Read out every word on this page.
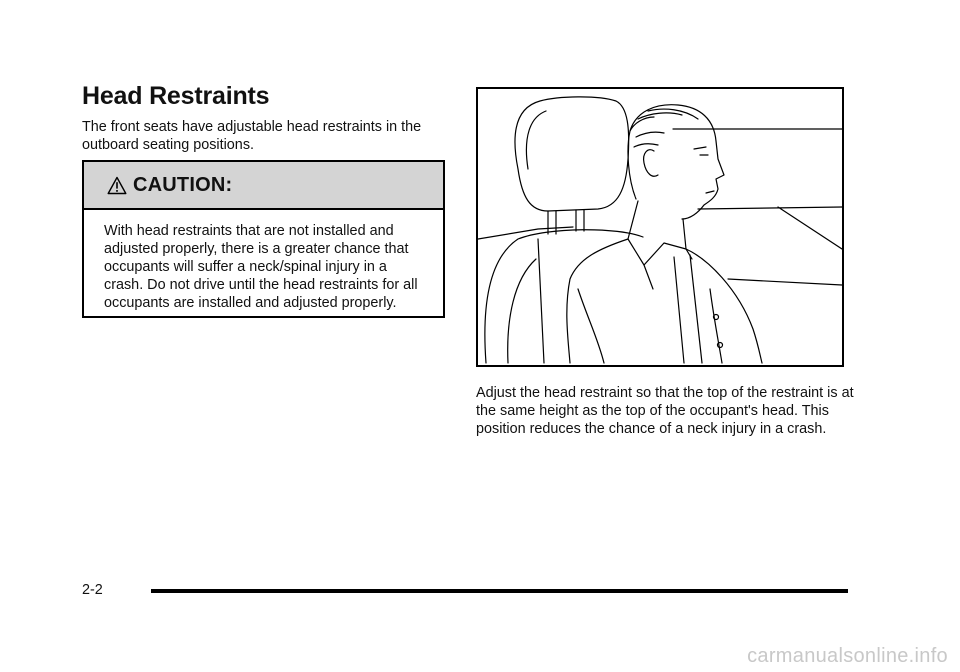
Head Restraints

The front seats have adjustable head restraints in the outboard seating positions.

CAUTION:

With head restraints that are not installed and adjusted properly, there is a greater chance that occupants will suffer a neck/spinal injury in a crash. Do not drive until the head restraints for all occupants are installed and adjusted properly.

Adjust the head restraint so that the top of the restraint is at the same height as the top of the occupant's head. This position reduces the chance of a neck injury in a crash.

2-2
carmanualsonline.info
